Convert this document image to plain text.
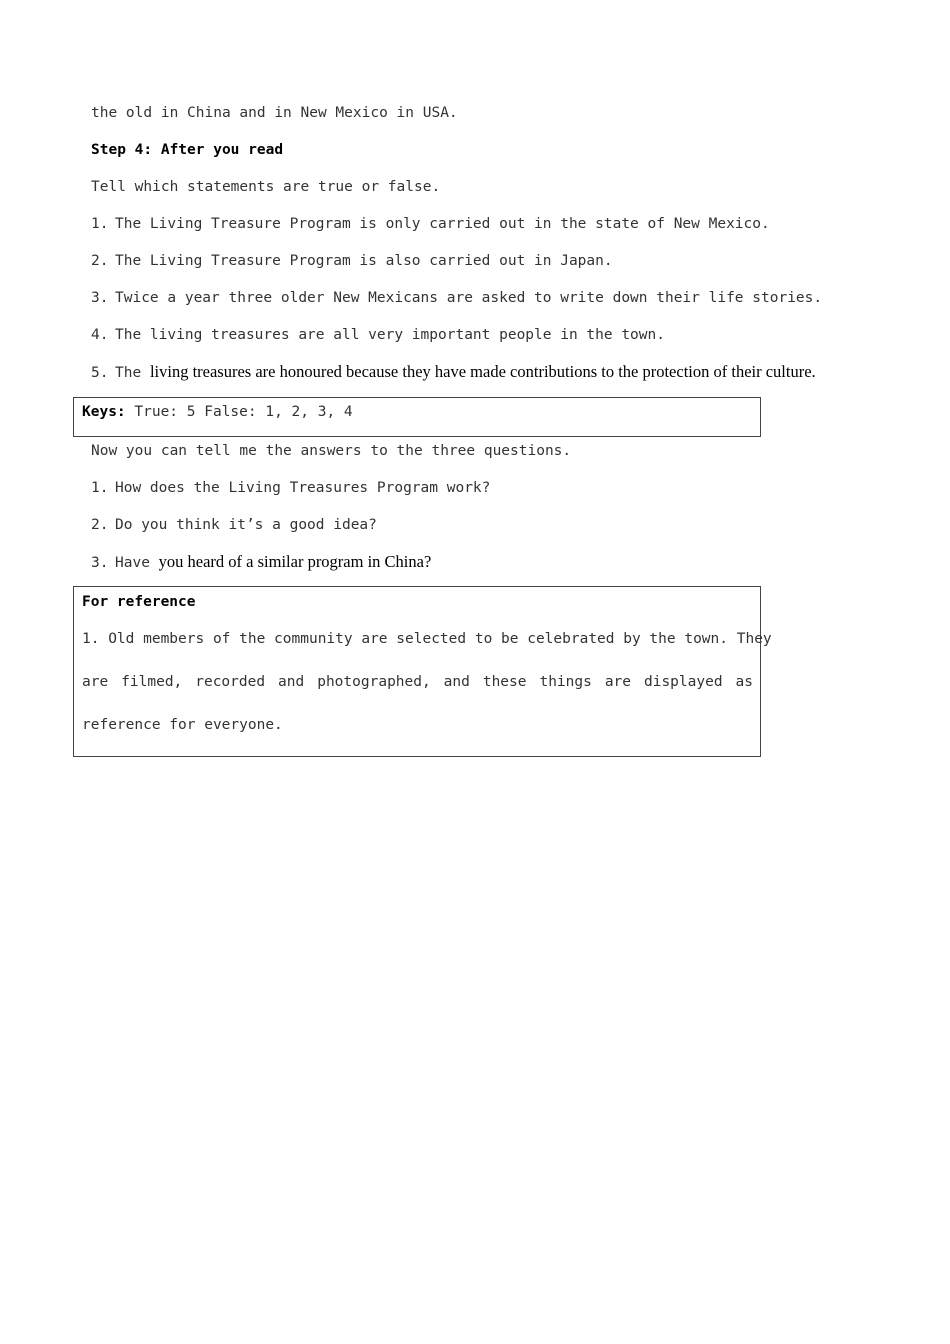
the old in China and in New Mexico in USA.
Step 4: After you read
Tell which statements are true or false.
1. The Living Treasure Program is only carried out in the state of New Mexico.
2. The Living Treasure Program is also carried out in Japan.
3. Twice a year three older New Mexicans are asked to write down their life stories.
4. The living treasures are all very important people in the town.
5. The living treasures are honoured because they have made contributions to the protection of their culture.
Keys: True: 5 False: 1, 2, 3, 4
Now you can tell me the answers to the three questions.
1. How does the Living Treasures Program work?
2. Do you think it’s a good idea?
3. Have you heard of a similar program in China?
For reference
1. Old members of the community are selected to be celebrated by the town. They
are filmed, recorded and photographed, and these things are displayed as
reference for everyone.
